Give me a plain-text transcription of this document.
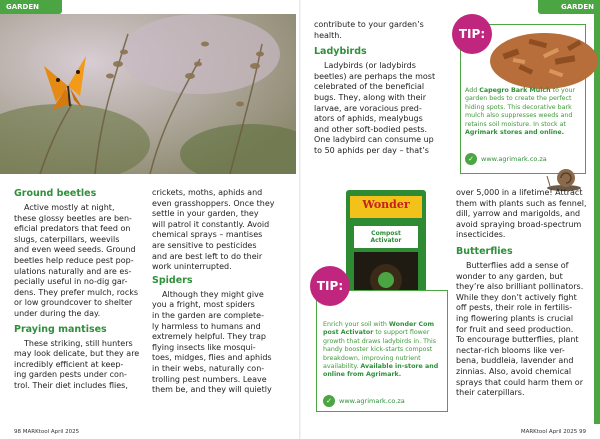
GARDEN	GARDEN
Ground beetles
Active mostly at night,
these glossy beetles are ben-
eficial predators that feed on
slugs, caterpillars, weevils
and even weed seeds. Ground
beetles help reduce pest pop-
ulations naturally and are es-
pecially useful in no-dig gar-
dens. They prefer mulch, rocks
or low groundcover to shelter
under during the day.
Praying mantises
These striking, still hunters
may look delicate, but they are
incredibly efficient at keep-
ing garden pests under con-
trol. Their diet includes flies,
crickets, moths, aphids and
even grasshoppers. Once they
settle in your garden, they
will patrol it constantly. Avoid
chemical sprays – mantises
are sensitive to pesticides
and are best left to do their
work uninterrupted.
Spiders
Although they might give
you a fright, most spiders
in the garden are complete-
ly harmless to humans and
extremely helpful. They trap
flying insects like mosqui-
toes, midges, flies and aphids
in their webs, naturally con-
trolling pest numbers. Leave
them be, and they will quietly
98 MARKtool April 2025
contribute to your garden’s
health.
Ladybirds
Ladybirds (or ladybirds
beetles) are perhaps the most
celebrated of the beneficial
bugs. They, along with their
larvae, are voracious pred-
ators of aphids, mealybugs
and other soft-bodied pests.
One ladybird can consume up
to 50 aphids per day – that’s
Add Capegro Bark Mulch to your
garden beds to create the perfect
hiding spots. This decorative bark
mulch also suppresses weeds and
retains soil moisture. In stock at
Agrimark stores and online.
✓	www.agrimark.co.za
TIP:
Wonder
Compost Activator
Enrich your soil with Wonder Com
post Activator to support flower
growth that draws ladybirds in. This
handy booster kick-starts compost
breakdown, improving nutrient
availability. Available in-store and
online from Agrimark.
✓	www.agrimark.co.za
TIP:
over 5,000 in a lifetime! Attract
them with plants such as fennel,
dill, yarrow and marigolds, and
avoid spraying broad-spectrum
insecticides.
Butterflies
Butterflies add a sense of
wonder to any garden, but
they’re also brilliant pollinators.
While they don’t actively fight
off pests, their role in fertilis-
ing flowering plants is crucial
for fruit and seed production.
To encourage butterflies, plant
nectar-rich blooms like ver-
bena, buddleia, lavender and
zinnias. Also, avoid chemical
sprays that could harm them or
their caterpillars.
MARKtool April 2025 99
